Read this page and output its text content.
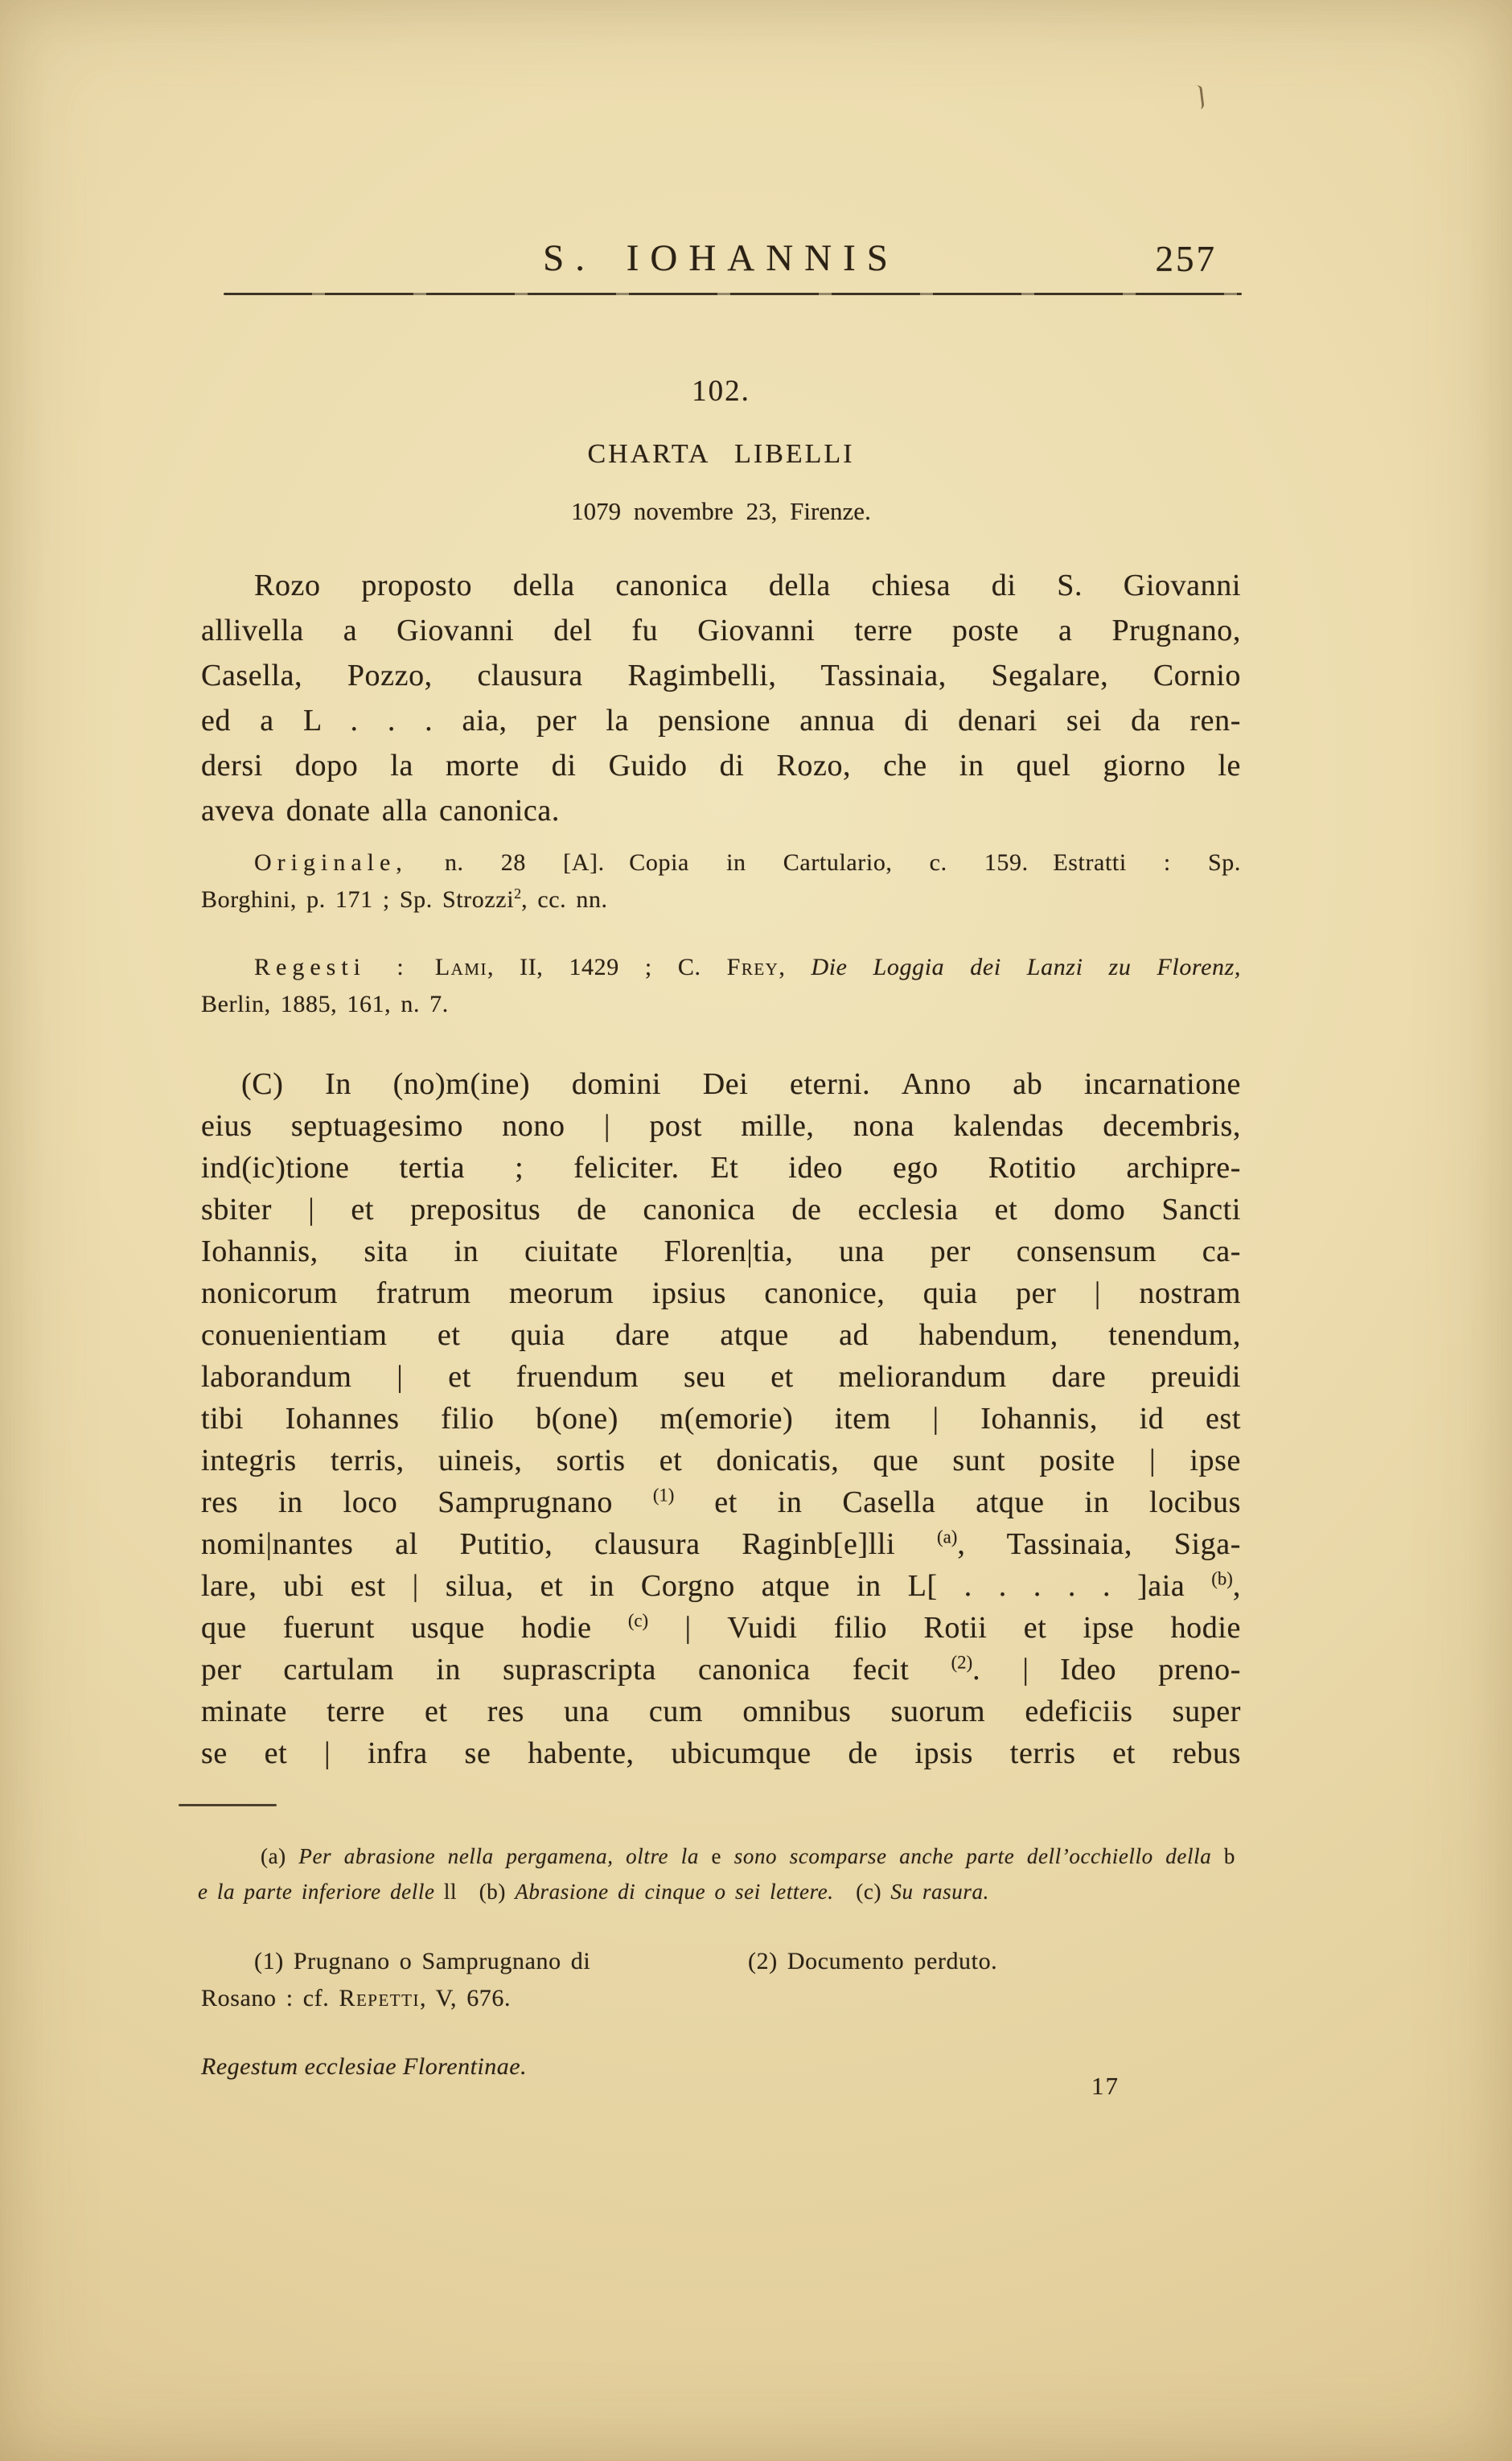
S. IOHANNIS	257
102.
CHARTA LIBELLI
1079 novembre 23, Firenze.
Rozo proposto della canonica della chiesa di S. Giovanni
allivella a Giovanni del fu Giovanni terre poste a Prugnano,
Casella, Pozzo, clausura Ragimbelli, Tassinaia, Segalare, Cornio
ed a L . . . aia, per la pensione annua di denari sei da ren-
dersi dopo la morte di Guido di Rozo, che in quel giorno le
aveva donate alla canonica.
Originale, n. 28 [A]. Copia in Cartulario, c. 159. Estratti : Sp.
Borghini, p. 171 ; Sp. Strozzi$^2$, cc. nn.
Regesti : Lami, II, 1429 ; C. Frey, Die Loggia dei Lanzi zu Florenz,
Berlin, 1885, 161, n. 7.
(C) In (no)m(ine) domini Dei eterni. Anno ab incarnatione
eius septuagesimo nono | post mille, nona kalendas decembris,
ind(ic)tione tertia ; feliciter. Et ideo ego Rotitio archipre-
sbiter | et prepositus de canonica de ecclesia et domo Sancti
Iohannis, sita in ciuitate Floren|tia, una per consensum ca-
nonicorum fratrum meorum ipsius canonice, quia per | nostram
conuenientiam et quia dare atque ad habendum, tenendum,
laborandum | et fruendum seu et meliorandum dare preuidi
tibi Iohannes filio b(one) m(emorie) item | Iohannis, id est
integris terris, uineis, sortis et donicatis, que sunt posite | ipse
res in loco Samprugnano $^{(1)}$ et in Casella atque in locibus
nomi|nantes al Putitio, clausura Raginb[e]lli $^{(a)}$, Tassinaia, Siga-
lare, ubi est | silua, et in Corgno atque in L[ . . . . . ]aia $^{(b)}$,
que fuerunt usque hodie $^{(c)}$ | Vuidi filio Rotii et ipse hodie
per cartulam in suprascripta canonica fecit $^{(2)}$. | Ideo preno-
minate terre et res una cum omnibus suorum edeficiis super
se et | infra se habente, ubicumque de ipsis terris et rebus
(a) Per abrasione nella pergamena, oltre la e sono scomparse anche parte dell’occhiello della b
e la parte inferiore delle ll (b) Abrasione di cinque o sei lettere. (c) Su rasura.
(1) Prugnano o Samprugnano di	(2) Documento perduto.
Rosano : cf. Repetti, V, 676.
Regestum ecclesiae Florentinae.
17
